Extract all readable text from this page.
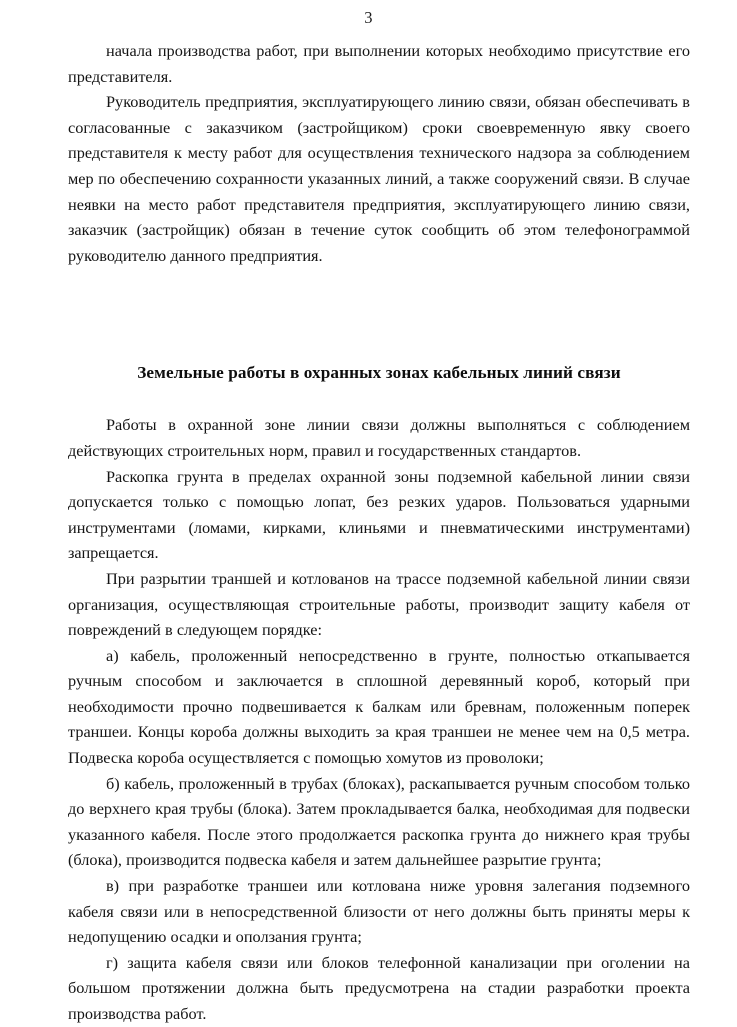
3

начала производства работ, при выполнении которых необходимо присутствие его представителя.

Руководитель предприятия, эксплуатирующего линию связи, обязан обеспечивать в согласованные с заказчиком (застройщиком) сроки своевременную явку своего представителя к месту работ для осуществления технического надзора за соблюдением мер по обеспечению сохранности указанных линий, а также сооружений связи. В случае неявки на место работ представителя предприятия, эксплуатирующего линию связи, заказчик (застройщик) обязан в течение суток сообщить об этом телефонограммой руководителю данного предприятия.

Земельные работы в охранных зонах кабельных линий связи

Работы в охранной зоне линии связи должны выполняться с соблюдением действующих строительных норм, правил и государственных стандартов.

Раскопка грунта в пределах охранной зоны подземной кабельной линии связи допускается только с помощью лопат, без резких ударов. Пользоваться ударными инструментами (ломами, кирками, клиньями и пневматическими инструментами) запрещается.

При разрытии траншей и котлованов на трассе подземной кабельной линии связи организация, осуществляющая строительные работы, производит защиту кабеля от повреждений в следующем порядке:

а) кабель, проложенный непосредственно в грунте, полностью откапывается ручным способом и заключается в сплошной деревянный короб, который при необходимости прочно подвешивается к балкам или бревнам, положенным поперек траншеи. Концы короба должны выходить за края траншеи не менее чем на 0,5 метра. Подвеска короба осуществляется с помощью хомутов из проволоки;

б) кабель, проложенный в трубах (блоках), раскапывается ручным способом только до верхнего края трубы (блока). Затем прокладывается балка, необходимая для подвески указанного кабеля. После этого продолжается раскопка грунта до нижнего края трубы (блока), производится подвеска кабеля и затем дальнейшее разрытие грунта;

в) при разработке траншеи или котлована ниже уровня залегания подземного кабеля связи или в непосредственной близости от него должны быть приняты меры к недопущению осадки и оползания грунта;

г) защита кабеля связи или блоков телефонной канализации при оголении на большом протяжении должна быть предусмотрена на стадии разработки проекта производства работ.
